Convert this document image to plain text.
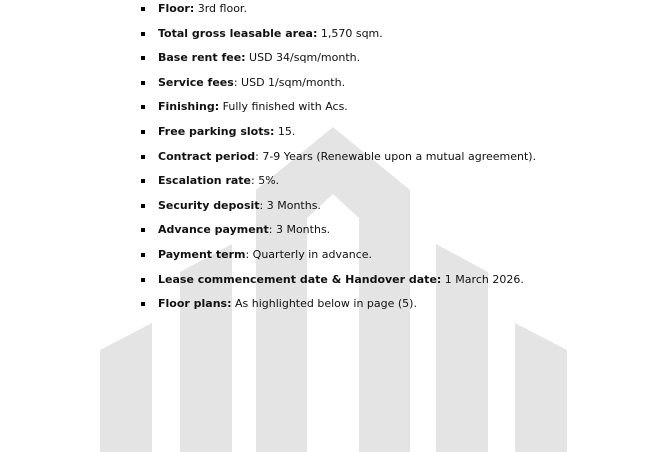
Floor: 3rd floor.
Total gross leasable area: 1,570 sqm.
Base rent fee: USD 34/sqm/month.
Service fees: USD 1/sqm/month.
Finishing: Fully finished with Acs.
Free parking slots: 15.
Contract period: 7-9 Years (Renewable upon a mutual agreement).
Escalation rate: 5%.
Security deposit: 3 Months.
Advance payment: 3 Months.
Payment term: Quarterly in advance.
Lease commencement date & Handover date: 1 March 2026.
Floor plans: As highlighted below in page (5).
